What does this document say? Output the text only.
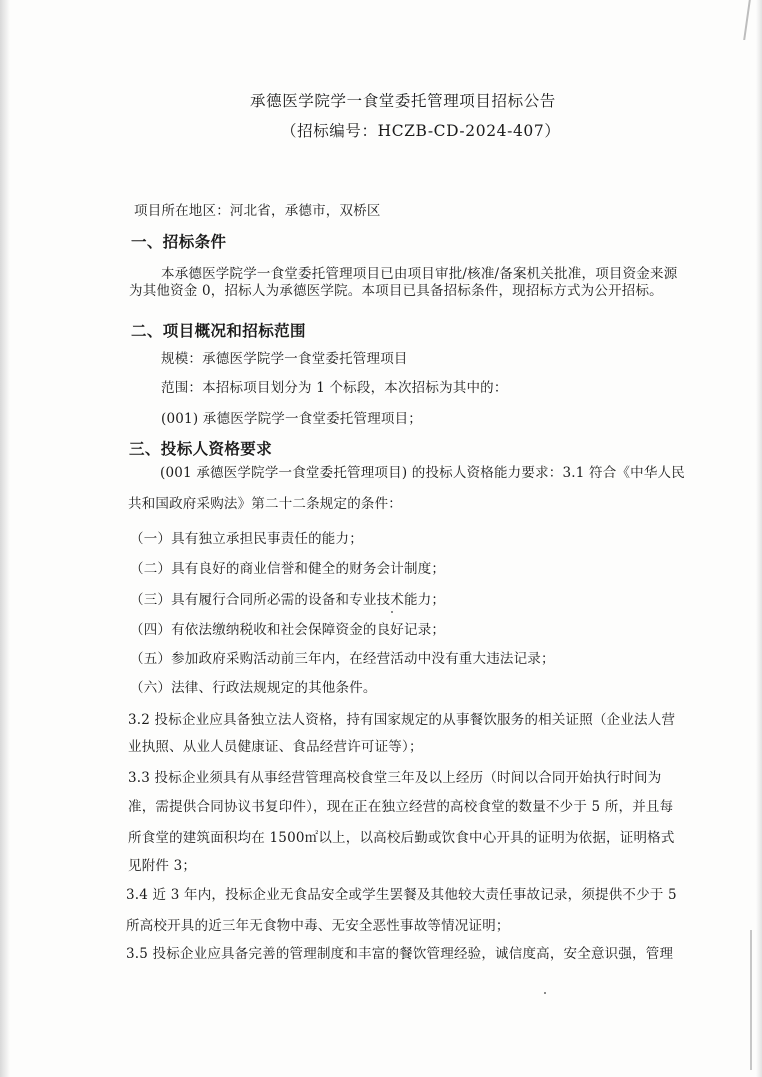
承德医学院学一食堂委托管理项目招标公告
（招标编号：HCZB-CD-2024-407）
项目所在地区：河北省，承德市，双桥区
一、招标条件
本承德医学院学一食堂委托管理项目已由项目审批/核准/备案机关批准，项目资金来源
为其他资金 0，招标人为承德医学院。本项目已具备招标条件，现招标方式为公开招标。
二、项目概况和招标范围
规模：承德医学院学一食堂委托管理项目
范围：本招标项目划分为 1 个标段，本次招标为其中的：
(001) 承德医学院学一食堂委托管理项目；
三、投标人资格要求
(001 承德医学院学一食堂委托管理项目) 的投标人资格能力要求：3.1 符合《中华人民
共和国政府采购法》第二十二条规定的条件：
（一）具有独立承担民事责任的能力；
（二）具有良好的商业信誉和健全的财务会计制度；
（三）具有履行合同所必需的设备和专业技术能力；
（四）有依法缴纳税收和社会保障资金的良好记录；
（五）参加政府采购活动前三年内，在经营活动中没有重大违法记录；
（六）法律、行政法规规定的其他条件。
3.2 投标企业应具备独立法人资格，持有国家规定的从事餐饮服务的相关证照（企业法人营
业执照、从业人员健康证、食品经营许可证等）；
3.3 投标企业须具有从事经营管理高校食堂三年及以上经历（时间以合同开始执行时间为
准，需提供合同协议书复印件），现在正在独立经营的高校食堂的数量不少于 5 所，并且每
所食堂的建筑面积均在 1500㎡以上，以高校后勤或饮食中心开具的证明为依据，证明格式
见附件 3；
3.4 近 3 年内，投标企业无食品安全或学生罢餐及其他较大责任事故记录，须提供不少于 5
所高校开具的近三年无食物中毒、无安全恶性事故等情况证明；
3.5 投标企业应具备完善的管理制度和丰富的餐饮管理经验，诚信度高，安全意识强，管理
